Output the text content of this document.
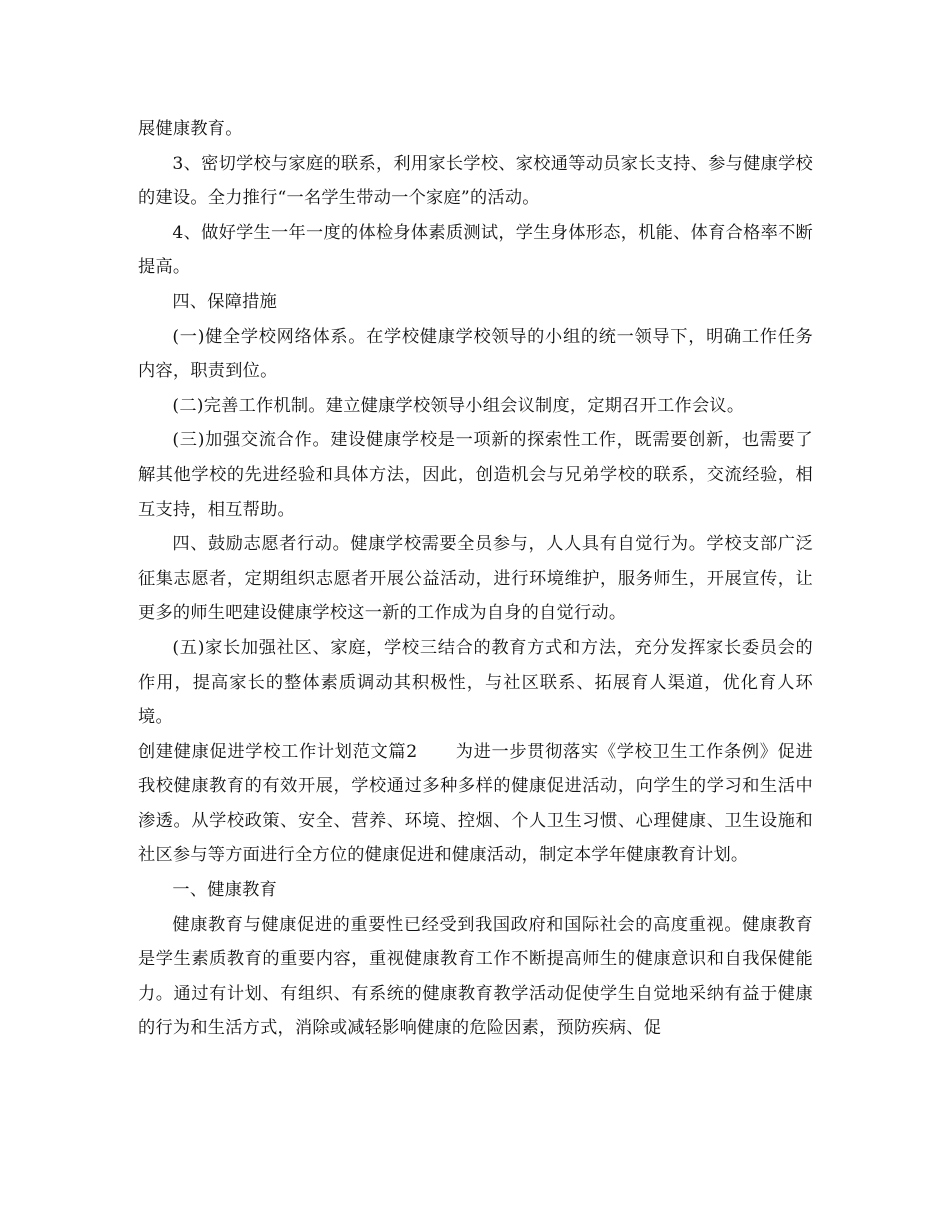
展健康教育。

3、密切学校与家庭的联系，利用家长学校、家校通等动员家长支持、参与健康学校的建设。全力推行“一名学生带动一个家庭”的活动。

4、做好学生一年一度的体检身体素质测试，学生身体形态，机能、体育合格率不断提高。

四、保障措施

(一)健全学校网络体系。在学校健康学校领导的小组的统一领导下，明确工作任务内容，职责到位。

(二)完善工作机制。建立健康学校领导小组会议制度，定期召开工作会议。

(三)加强交流合作。建设健康学校是一项新的探索性工作，既需要创新，也需要了解其他学校的先进经验和具体方法，因此，创造机会与兄弟学校的联系，交流经验，相互支持，相互帮助。

四、鼓励志愿者行动。健康学校需要全员参与，人人具有自觉行为。学校支部广泛征集志愿者，定期组织志愿者开展公益活动，进行环境维护，服务师生，开展宣传，让更多的师生吧建设健康学校这一新的工作成为自身的自觉行动。

(五)家长加强社区、家庭，学校三结合的教育方式和方法，充分发挥家长委员会的作用，提高家长的整体素质调动其积极性，与社区联系、拓展育人渠道，优化育人环境。

创建健康促进学校工作计划范文篇2 为进一步贯彻落实《学校卫生工作条例》促进我校健康教育的有效开展，学校通过多种多样的健康促进活动，向学生的学习和生活中渗透。从学校政策、安全、营养、环境、控烟、个人卫生习惯、心理健康、卫生设施和社区参与等方面进行全方位的健康促进和健康活动，制定本学年健康教育计划。

一、健康教育

健康教育与健康促进的重要性已经受到我国政府和国际社会的高度重视。健康教育是学生素质教育的重要内容，重视健康教育工作不断提高师生的健康意识和自我保健能力。通过有计划、有组织、有系统的健康教育教学活动促使学生自觉地采纳有益于健康的行为和生活方式，消除或减轻影响健康的危险因素，预防疾病、促
